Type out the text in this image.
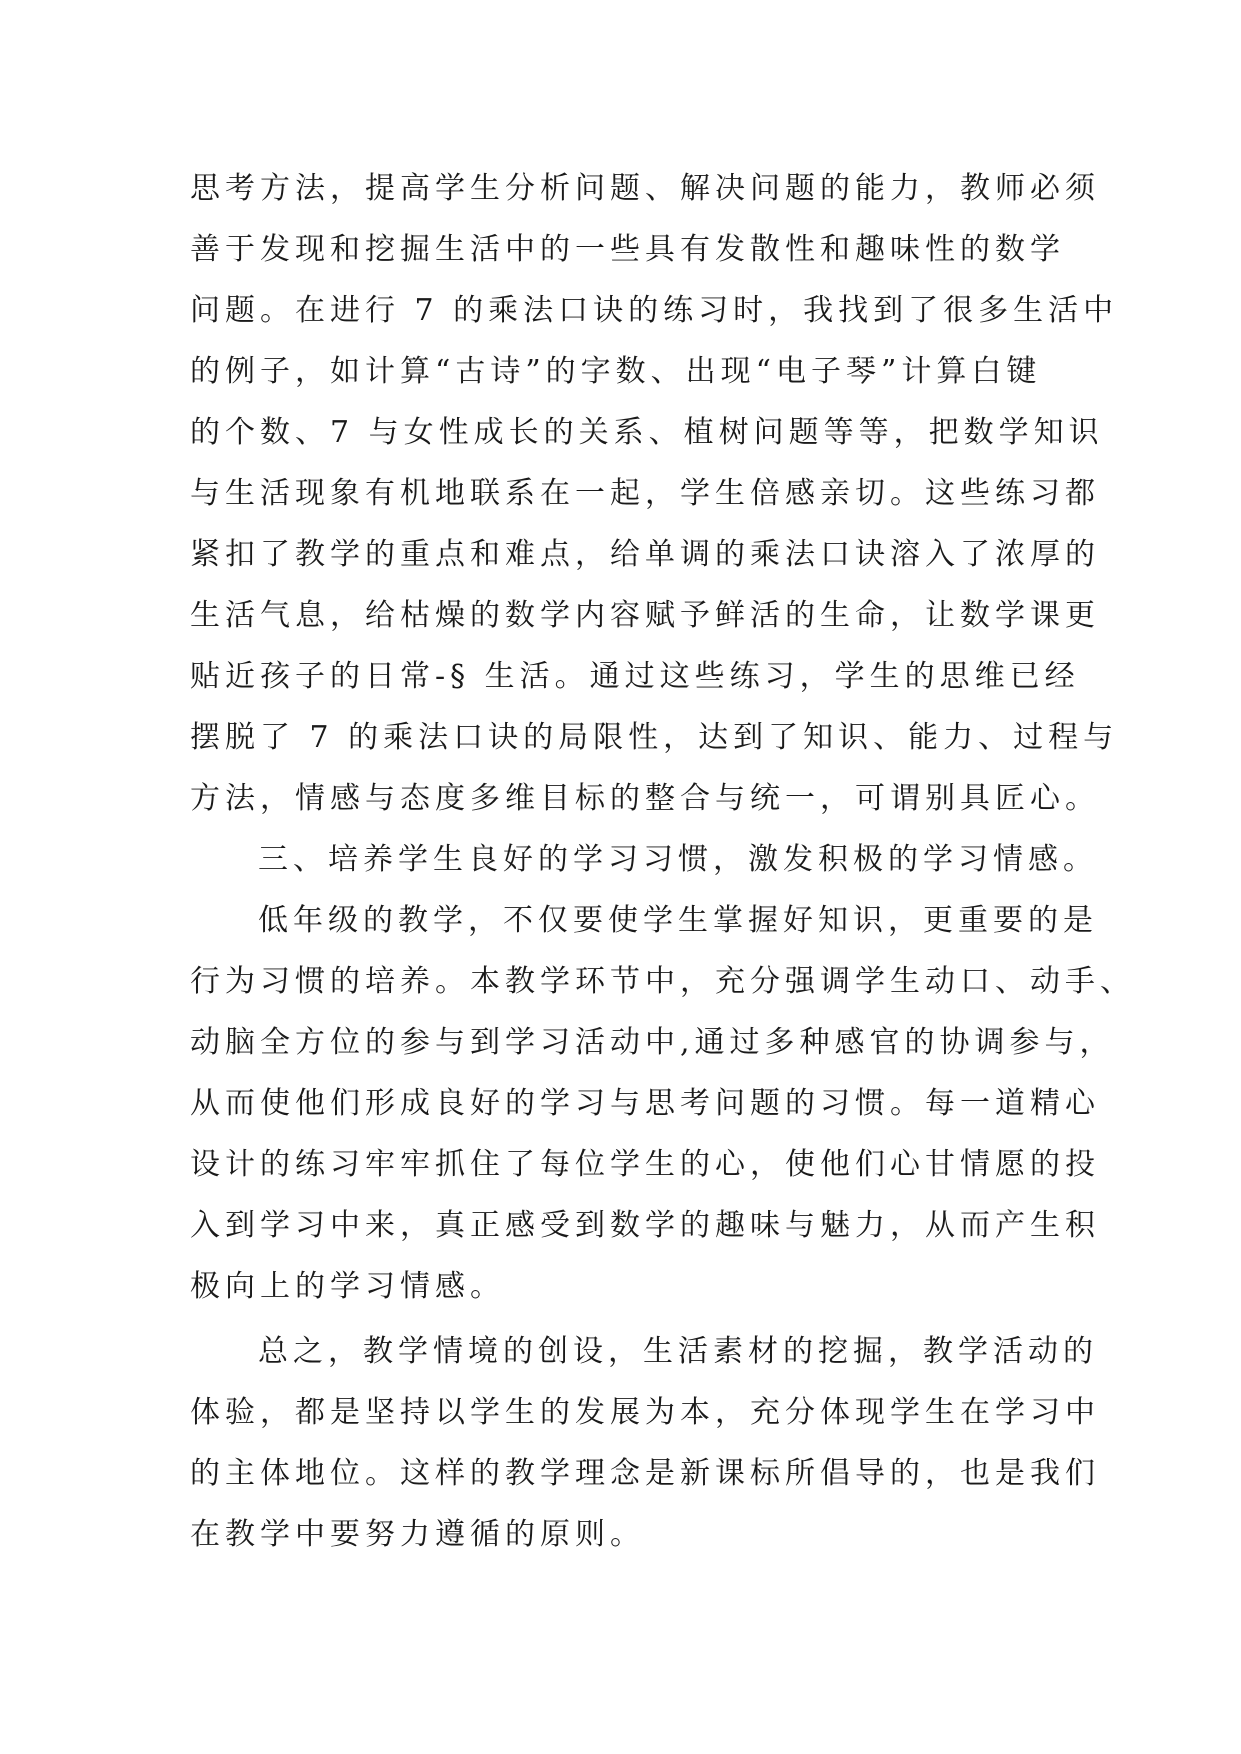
思考方法，提高学生分析问题、解决问题的能力，教师必须
善于发现和挖掘生活中的一些具有发散性和趣味性的数学
问题。在进行 7 的乘法口诀的练习时，我找到了很多生活中
的例子，如计算“古诗”的字数、出现“电子琴”计算白键
的个数、7 与女性成长的关系、植树问题等等，把数学知识
与生活现象有机地联系在一起，学生倍感亲切。这些练习都
紧扣了教学的重点和难点，给单调的乘法口诀溶入了浓厚的
生活气息，给枯燥的数学内容赋予鲜活的生命，让数学课更
贴近孩子的日常-§ 生活。通过这些练习，学生的思维已经
摆脱了 7 的乘法口诀的局限性，达到了知识、能力、过程与
方法，情感与态度多维目标的整合与统一，可谓别具匠心。
三、培养学生良好的学习习惯，激发积极的学习情感。
低年级的教学，不仅要使学生掌握好知识，更重要的是
行为习惯的培养。本教学环节中，充分强调学生动口、动手、
动脑全方位的参与到学习活动中,通过多种感官的协调参与，
从而使他们形成良好的学习与思考问题的习惯。每一道精心
设计的练习牢牢抓住了每位学生的心，使他们心甘情愿的投
入到学习中来，真正感受到数学的趣味与魅力，从而产生积
极向上的学习情感。
总之，教学情境的创设，生活素材的挖掘，教学活动的
体验，都是坚持以学生的发展为本，充分体现学生在学习中
的主体地位。这样的教学理念是新课标所倡导的，也是我们
在教学中要努力遵循的原则。
